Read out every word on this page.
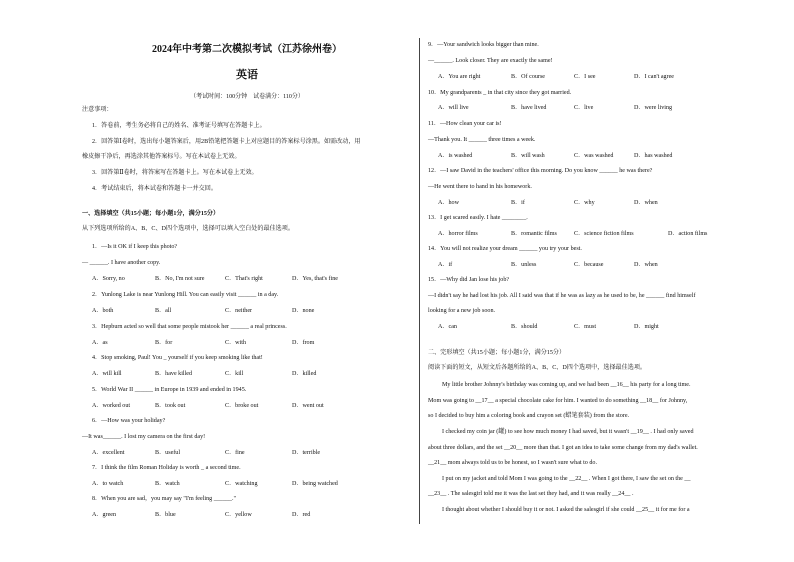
2024年中考第二次模拟考试（江苏徐州卷）
英语
（考试时间：100分钟　试卷满分：110分）
注意事项：
1．答卷前，考生务必将自己的姓名、准考证号填写在答题卡上。
2．回答第Ⅰ卷时，选出每小题答案后，用2B铅笔把答题卡上对应题目的答案标号涂黑。如需改动，用
橡皮擦干净后，再选涂其他答案标号。写在本试卷上无效。
3．回答第Ⅱ卷时，将答案写在答题卡上。写在本试卷上无效。
4．考试结束后，将本试卷和答题卡一并交回。
一、选择填空（共15小题；每小题1分，满分15分）
从下列选项所给的A、B、C、D四个选项中，选择可以填入空白处的最佳选项。
1．—Is it OK if I keep this photo?
— ______. I have another copy.
A．Sorry, no	B．No, I'm not sure	C．That's right	D．Yes, that's fine
2．Yunlong Lake is near Yunlong Hill. You can easily visit ______ in a day.
A．both	B．all	C．neither	D．none
3．Hepburn acted so well that some people mistook her ______ a real princess.
A．as	B．for	C．with	D．from
4．Stop smoking, Paul! You _ yourself if you keep smoking like that!
A．will kill	B．have killed	C．kill	D．killed
5．World War II ______ in Europe in 1939 and ended in 1945.
A．worked out	B．took out	C．broke out	D．went out
6．—How was your holiday?
—It was______. I lost my camera on the first day!
A．excellent	B．useful	C．fine	D．terrible
7．I think the film Roman Holiday is worth _ a second time.
A．to watch	B．watch	C．watching	D．being watched
8．When you are sad，you may say "I'm feeling ______."
A．green	B．blue	C．yellow	D．red
9．—Your sandwich looks bigger than mine.
—______. Look closer. They are exactly the same!
A．You are right	B．Of course	C．I see	D．I can't agree
10．My grandparents _ in that city since they got married.
A．will live	B．have lived	C．live	D．were living
11．—How clean your car is!
—Thank you. It ______ three times a week.
A．is washed	B．will wash	C．was washed	D．has washed
12．—I saw David in the teachers' office this morning. Do you know ______ he was there?
—He went there to hand in his homework.
A．how	B．if	C．why	D．when
13．I get scared easily. I hate ________.
A．horror films	B．romantic films	C．science fiction films	D．action films
14．You will not realize your dream ______ you try your best.
A．if	B．unless	C．because	D．when
15．—Why did Jan lose his job?
—I didn't say he had lost his job. All I said was that if he was as lazy as he used to be, he ______ find himself
looking for a new job soon.
A．can	B．should	C．must	D．might
二、完形填空（共15小题；每小题1分，满分15分）
阅读下面的短文，从短文后各题所给的A、B、C、D四个选项中，选择最佳选项。
My little brother Johnny's birthday was coming up, and we had been __16__ his party for a long time.
Mom was going to __17__ a special chocolate cake for him. I wanted to do something __18__ for Johnny,
so I decided to buy him a coloring book and crayon set (蜡笔套装) from the store.
I checked my coin jar (罐) to see how much money I had saved, but it wasn't __19__ . I had only saved
about three dollars, and the set __20__ more than that. I got an idea to take some change from my dad's wallet.
__21__ mom always told us to be honest, so I wasn't sure what to do.
I put on my jacket and told Mom I was going to the __22__ . When I got there, I saw the set on the __
__23__ . The salesgirl told me it was the last set they had, and it was really __24__ .
I thought about whether I should buy it or not. I asked the salesgirl if she could __25__ it for me for a
